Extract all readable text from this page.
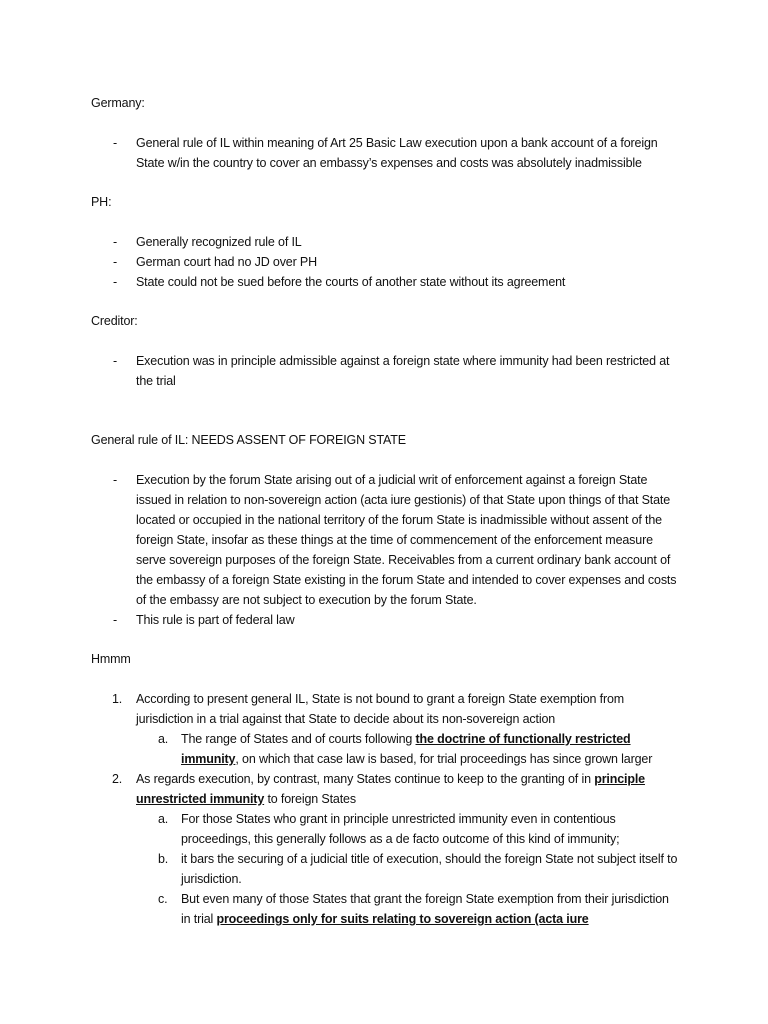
Germany:
- General rule of IL within meaning of Art 25 Basic Law execution upon a bank account of a foreign State w/in the country to cover an embassy’s expenses and costs was absolutely inadmissible
PH:
- Generally recognized rule of IL
- German court had no JD over PH
- State could not be sued before the courts of another state without its agreement
Creditor:
- Execution was in principle admissible against a foreign state where immunity had been restricted at the trial
General rule of IL: NEEDS ASSENT OF FOREIGN STATE
- Execution by the forum State arising out of a judicial writ of enforcement against a foreign State issued in relation to non-sovereign action (acta iure gestionis) of that State upon things of that State located or occupied in the national territory of the forum State is inadmissible without assent of the foreign State, insofar as these things at the time of commencement of the enforcement measure serve sovereign purposes of the foreign State. Receivables from a current ordinary bank account of the embassy of a foreign State existing in the forum State and intended to cover expenses and costs of the embassy are not subject to execution by the forum State.
- This rule is part of federal law
Hmmm
1. According to present general IL, State is not bound to grant a foreign State exemption from jurisdiction in a trial against that State to decide about its non-sovereign action
a. The range of States and of courts following the doctrine of functionally restricted immunity, on which that case law is based, for trial proceedings has since grown larger
2. As regards execution, by contrast, many States continue to keep to the granting of in principle unrestricted immunity to foreign States
a. For those States who grant in principle unrestricted immunity even in contentious proceedings, this generally follows as a de facto outcome of this kind of immunity;
b. it bars the securing of a judicial title of execution, should the foreign State not subject itself to jurisdiction.
c. But even many of those States that grant the foreign State exemption from their jurisdiction in trial proceedings only for suits relating to sovereign action (acta iure
